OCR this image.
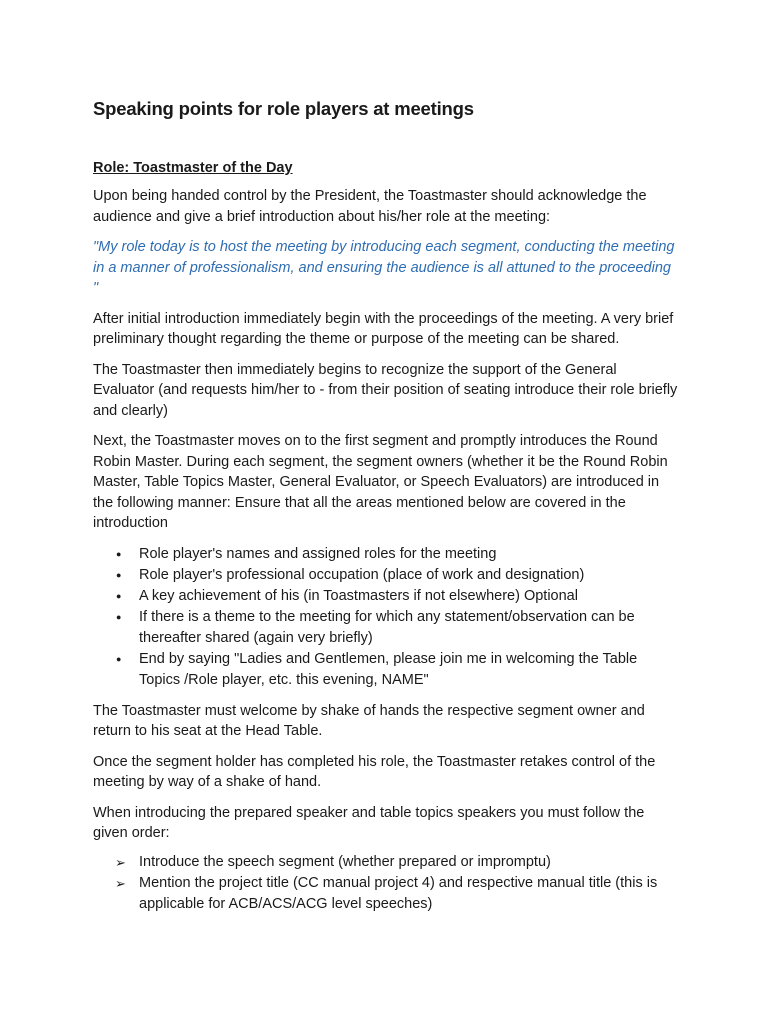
Speaking points for role players at meetings
Role: Toastmaster of the Day

Upon being handed control by the President, the Toastmaster should acknowledge the audience and give a brief introduction about his/her role at the meeting:

"My role today is to host the meeting by introducing each segment, conducting the meeting in a manner of professionalism, and ensuring the audience is all attuned to the proceeding "

After initial introduction immediately begin with the proceedings of the meeting. A very brief preliminary thought regarding the theme or purpose of the meeting can be shared.

The Toastmaster then immediately begins to recognize the support of the General Evaluator (and requests him/her to - from their position of seating introduce their role briefly and clearly)

Next, the Toastmaster moves on to the first segment and promptly introduces the Round Robin Master. During each segment, the segment owners (whether it be the Round Robin Master, Table Topics Master, General Evaluator, or Speech Evaluators) are introduced in the following manner: Ensure that all the areas mentioned below are covered in the introduction

● Role player's names and assigned roles for the meeting
● Role player's professional occupation (place of work and designation)
● A key achievement of his (in Toastmasters if not elsewhere) Optional
● If there is a theme to the meeting for which any statement/observation can be thereafter shared (again very briefly)
● End by saying "Ladies and Gentlemen, please join me in welcoming the Table Topics /Role player, etc. this evening, NAME"

The Toastmaster must welcome by shake of hands the respective segment owner and return to his seat at the Head Table.

Once the segment holder has completed his role, the Toastmaster retakes control of the meeting by way of a shake of hand.

When introducing the prepared speaker and table topics speakers you must follow the given order:

➢ Introduce the speech segment (whether prepared or impromptu)
➢ Mention the project title (CC manual project 4) and respective manual title (this is applicable for ACB/ACS/ACG level speeches)
